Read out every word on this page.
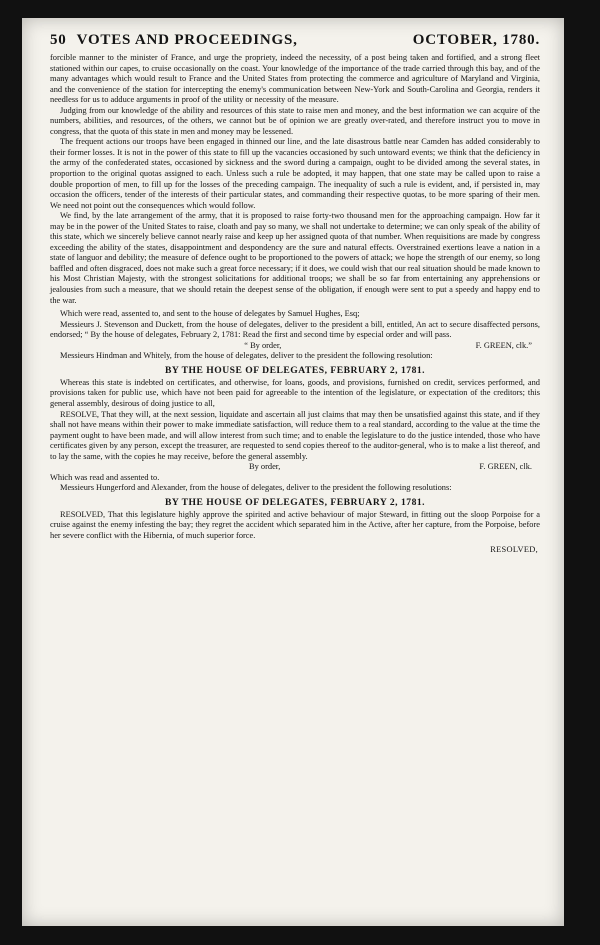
50 VOTES AND PROCEEDINGS,	OCTOBER, 1780.

forcible manner to the minister of France, and urge the propriety, indeed the necessity, of a post being taken and fortified, and a strong fleet stationed within our capes, to cruise occasionally on the coast. Your knowledge of the importance of the trade carried through this bay, and of the many advantages which would result to France and the United States from protecting the commerce and agriculture of Maryland and Virginia, and the convenience of the station for intercepting the enemy's communication between New-York and South-Carolina and Georgia, renders it needless for us to adduce arguments in proof of the utility or necessity of the measure.

Judging from our knowledge of the ability and resources of this state to raise men and money, and the best information we can acquire of the numbers, abilities, and resources, of the others, we cannot but be of opinion we are greatly over-rated, and therefore instruct you to move in congress, that the quota of this state in men and money may be lessened.

The frequent actions our troops have been engaged in thinned our line, and the late disastrous battle near Camden has added considerably to their former losses. It is not in the power of this state to fill up the vacancies occasioned by such untoward events; we think that the deficiency in the army of the confederated states, occasioned by sickness and the sword during a campaign, ought to be divided among the several states, in proportion to the original quotas assigned to each. Unless such a rule be adopted, it may happen, that one state may be called upon to raise a double proportion of men, to fill up for the losses of the preceding campaign. The inequality of such a rule is evident, and, if persisted in, may occasion the officers, tender of the interests of their particular states, and commanding their respective quotas, to be more sparing of their men. We need not point out the consequences which would follow.

We find, by the late arrangement of the army, that it is proposed to raise forty-two thousand men for the approaching campaign. How far it may be in the power of the United States to raise, cloath and pay so many, we shall not undertake to determine; we can only speak of the ability of this state, which we sincerely believe cannot nearly raise and keep up her assigned quota of that number. When requisitions are made by congress exceeding the ability of the states, disappointment and despondency are the sure and natural effects. Overstrained exertions leave a nation in a state of languor and debility; the measure of defence ought to be proportioned to the powers of attack; we hope the strength of our enemy, so long baffled and often disgraced, does not make such a great force necessary; if it does, we could wish that our real situation should be made known to his Most Christian Majesty, with the strongest solicitations for additional troops; we shall be so far from entertaining any apprehensions or jealousies from such a measure, that we should retain the deepest sense of the obligation, if enough were sent to put a speedy and happy end to the war.

Which were read, assented to, and sent to the house of delegates by Samuel Hughes, Esq;

Messieurs J. Stevenson and Duckett, from the house of delegates, deliver to the president a bill, entitled, An act to secure disaffected persons, endorsed; “ By the house of delegates, February 2, 1781: Read the first and second time by especial order and will pass.

“ By order,	F. GREEN, clk.”

Messieurs Hindman and Whitely, from the house of delegates, deliver to the president the following resolution:

BY THE HOUSE OF DELEGATES, FEBRUARY 2, 1781.

Whereas this state is indebted on certificates, and otherwise, for loans, goods, and provisions, furnished on credit, services performed, and provisions taken for public use, which have not been paid for agreeable to the intention of the legislature, or expectation of the creditors; this general assembly, desirous of doing justice to all,

RESOLVE, That they will, at the next session, liquidate and ascertain all just claims that may then be unsatisfied against this state, and if they shall not have means within their power to make immediate satisfaction, will reduce them to a real standard, according to the value at the time the payment ought to have been made, and will allow interest from such time; and to enable the legislature to do the justice intended, those who have certificates given by any person, except the treasurer, are requested to send copies thereof to the auditor-general, who is to make a list thereof, and to lay the same, with the copies he may receive, before the general assembly.

By order,	F. GREEN, clk.

Which was read and assented to.

Messieurs Hungerford and Alexander, from the house of delegates, deliver to the president the following resolutions:

BY THE HOUSE OF DELEGATES, FEBRUARY 2, 1781.

RESOLVED, That this legislature highly approve the spirited and active behaviour of major Steward, in fitting out the sloop Porpoise for a cruise against the enemy infesting the bay; they regret the accident which separated him in the Active, after her capture, from the Porpoise, before her severe conflict with the Hibernia, of much superior force.

RESOLVED,
